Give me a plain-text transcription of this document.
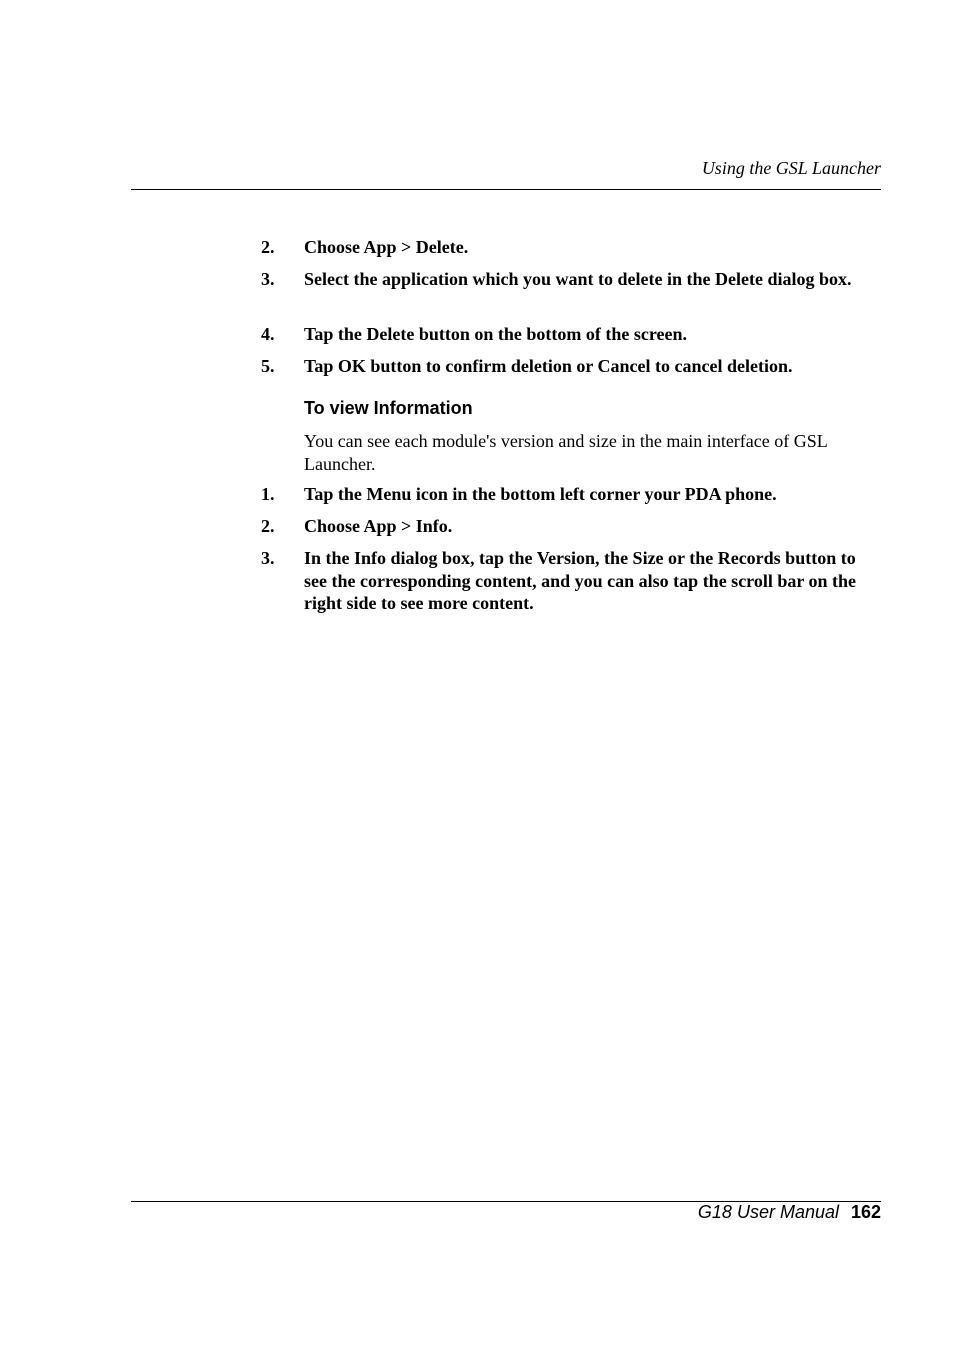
Using the GSL Launcher
2. Choose App > Delete.
3. Select the application which you want to delete in the Delete dialog box.
4. Tap the Delete button on the bottom of the screen.
5. Tap OK button to confirm deletion or Cancel to cancel deletion.
To view Information
You can see each module's version and size in the main interface of GSL Launcher.
1. Tap the Menu icon in the bottom left corner your PDA phone.
2. Choose App > Info.
3. In the Info dialog box, tap the Version, the Size or the Records button to see the corresponding content, and you can also tap the scroll bar on the right side to see more content.
G18 User Manual 162
